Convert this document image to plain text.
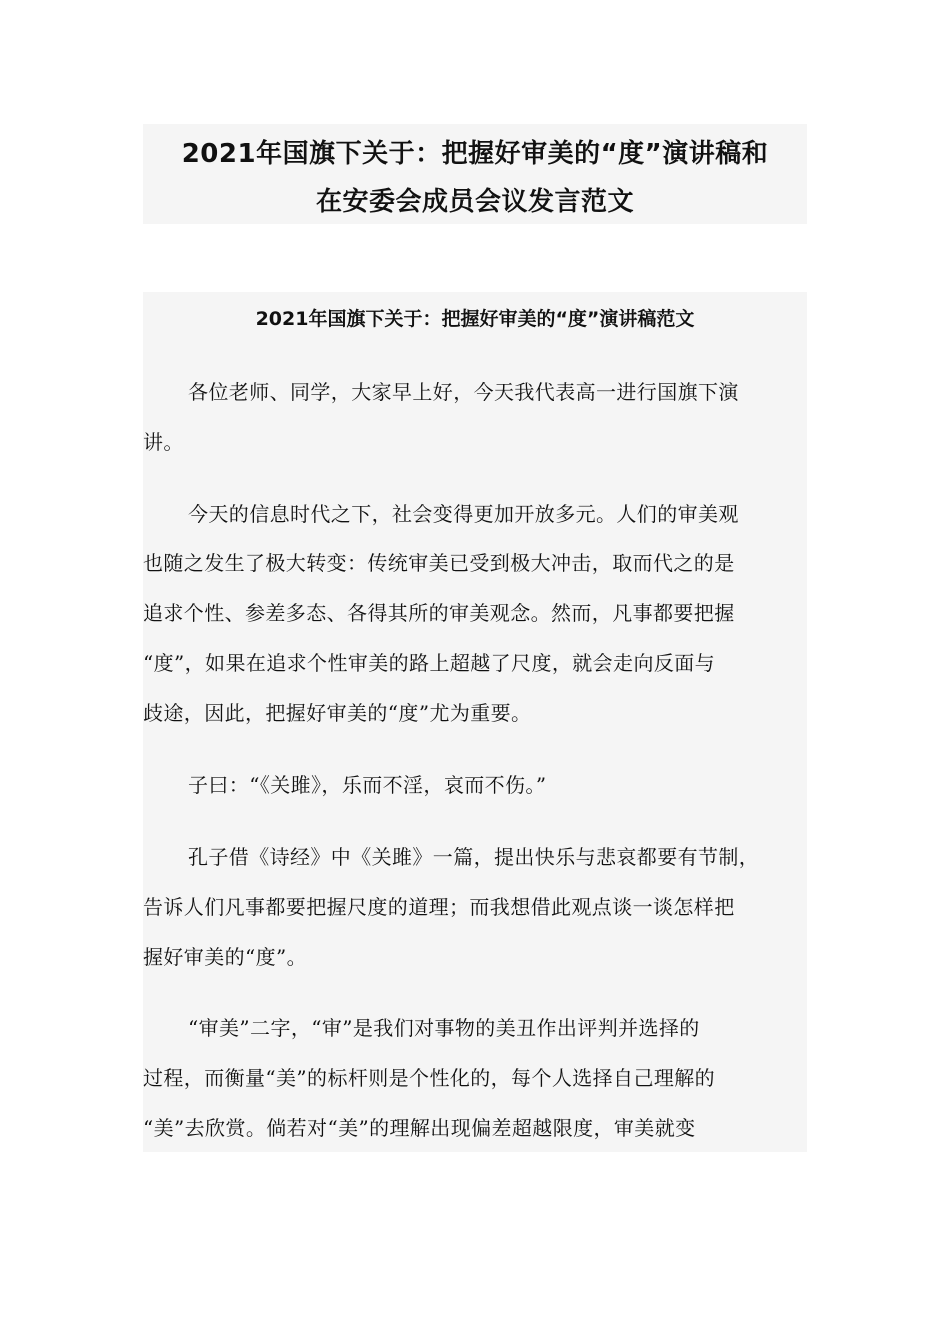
2021年国旗下关于：把握好审美的“度”演讲稿和
在安委会成员会议发言范文
2021年国旗下关于：把握好审美的“度”演讲稿范文
各位老师、同学，大家早上好，今天我代表高一进行国旗下演
讲。
今天的信息时代之下，社会变得更加开放多元。人们的审美观
也随之发生了极大转变：传统审美已受到极大冲击，取而代之的是
追求个性、参差多态、各得其所的审美观念。然而，凡事都要把握
“度”，如果在追求个性审美的路上超越了尺度，就会走向反面与
歧途，因此，把握好审美的“度”尤为重要。
子曰：“《关雎》，乐而不淫，哀而不伤。”
孔子借《诗经》中《关雎》一篇，提出快乐与悲哀都要有节制，
告诉人们凡事都要把握尺度的道理；而我想借此观点谈一谈怎样把
握好审美的“度”。
“审美”二字，“审”是我们对事物的美丑作出评判并选择的
过程，而衡量“美”的标杆则是个性化的，每个人选择自己理解的
“美”去欣赏。倘若对“美”的理解出现偏差超越限度，审美就变
